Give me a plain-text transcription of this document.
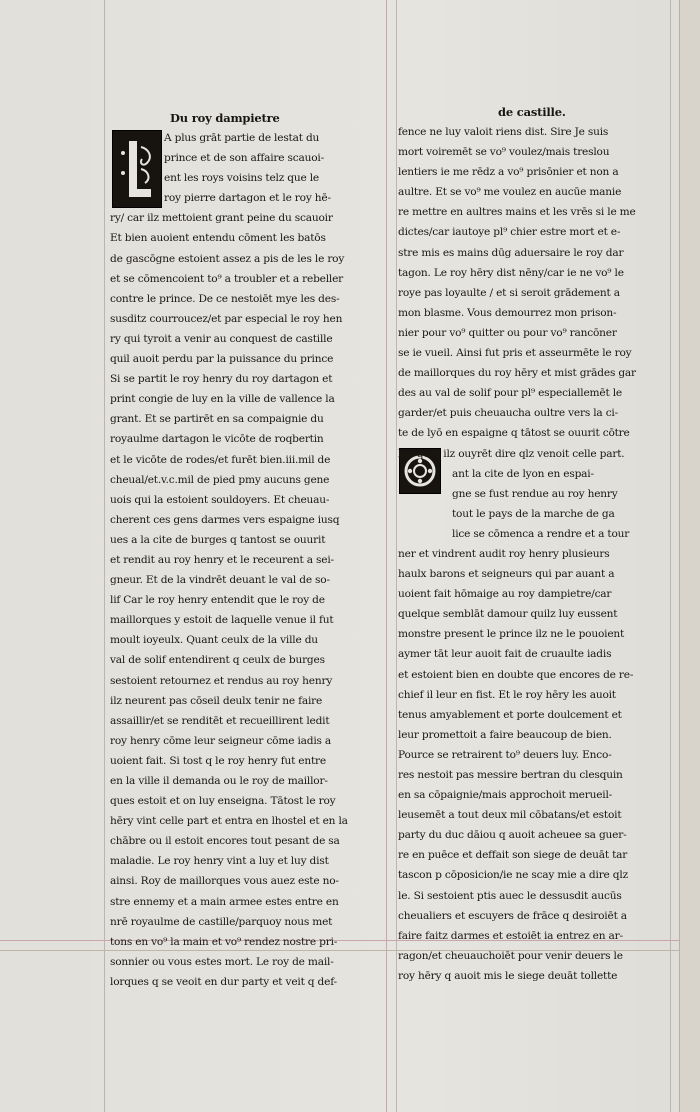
Du roy dampietre
A plus grāt partie de lestat du
prince et de son affaire scauoi-
ent les roys voisins telz que le
roy pierre dartagon et le roy hē-
ry/ car ilz mettoient grant peine du scauoir
Et bien auoient entendu cōment les batōs
de gascōgne estoient assez a pis de les le roy
et se cōmencoient to⁹ a troubler et a rebeller
contre le prince. De ce nestoiēt mye les des-
susditz courroucez/et par especial le roy hen
ry qui tyroit a venir au conquest de castille
quil auoit perdu par la puissance du prince
Si se partit le roy henry du roy dartagon et
print congie de luy en la ville de vallence la
grant. Et se partirēt en sa compaignie du
royaulme dartagon le vicōte de roqbertin
et le vicōte de rodes/et furēt bien.iii.mil de
cheual/et.v.c.mil de pied pmy aucuns gene
uois qui la estoient souldoyers. Et cheuau-
cherent ces gens darmes vers espaigne iusq
ues a la cite de burges q tantost se ouurit
et rendit au roy henry et le receurent a sei-
gneur. Et de la vindrēt deuant le val de so-
lif Car le roy henry entendit que le roy de
maillorques y estoit de laquelle venue il fut
moult ioyeulx. Quant ceulx de la ville du
val de solif entendirent q ceulx de burges
sestoient retournez et rendus au roy henry
ilz neurent pas cōseil deulx tenir ne faire
assaillir/et se renditēt et recueillirent ledit
roy henry cōme leur seigneur cōme iadis a
uoient fait. Si tost q le roy henry fut entre
en la ville il demanda ou le roy de maillor-
ques estoit et on luy enseigna. Tātost le roy
hēry vint celle part et entra en lhostel et en la
chābre ou il estoit encores tout pesant de sa
maladie. Le roy henry vint a luy et luy dist
ainsi. Roy de maillorques vous auez este no-
stre ennemy et a main armee estes entre en
nrē royaulme de castille/parquoy nous met
tons en vo⁹ la main et vo⁹ rendez nostre pri-
sonnier ou vous estes mort. Le roy de mail-
lorques q se veoit en dur party et veit q def-
de castille.
fence ne luy valoit riens dist. Sire Je suis
mort voiremēt se vo⁹ voulez/mais treslou
lentiers ie me rēdz a vo⁹ prisōnier et non a
aultre. Et se vo⁹ me voulez en aucūe manie
re mettre en aultres mains et les vrēs si le me
dictes/car iautoye pl⁹ chier estre mort et e-
stre mis es mains dūg aduersaire le roy dar
tagon. Le roy hēry dist nēny/car ie ne vo⁹ le
roye pas loyaulte / et si seroit grādement a
mon blasme. Vous demourrez mon prison-
nier pour vo⁹ quitter ou pour vo⁹ rancōner
se ie vueil. Ainsi fut pris et asseurmēte le roy
de maillorques du roy hēry et mist grādes gar
des au val de solif pour pl⁹ especiallemēt le
garder/et puis cheuaucha oultre vers la ci-
te de lyō en espaigne q tātost se ouurit cōtre
luy quāt ilz ouyrēt dire qlz venoit celle part.
ant la cite de lyon en espai-
gne se fust rendue au roy henry
tout le pays de la marche de ga
lice se cōmenca a rendre et a tour
ner et vindrent audit roy henry plusieurs
haulx barons et seigneurs qui par auant a
uoient fait hōmaige au roy dampietre/car
quelque semblāt damour quilz luy eussent
monstre present le prince ilz ne le pouoient
aymer tāt leur auoit fait de cruaulte iadis
et estoient bien en doubte que encores de re-
chief il leur en fist. Et le roy hēry les auoit
tenus amyablement et porte doulcement et
leur promettoit a faire beaucoup de bien.
Pource se retrairent to⁹ deuers luy. Enco-
res nestoit pas messire bertran du clesquin
en sa cōpaignie/mais approchoit merueil-
leusemēt a tout deux mil cōbatans/et estoit
party du duc dāiou q auoit acheuee sa guer-
re en puēce et deffait son siege de deuāt tar
tascon p cōposicion/ie ne scay mie a dire qlz
le. Si sestoient ptis auec le dessusdit aucūs
cheualiers et escuyers de frāce q desiroiēt a
faire faitz darmes et estoiēt ia entrez en ar-
ragon/et cheuauchoiēt pour venir deuers le
roy hēry q auoit mis le siege deuāt tollette
